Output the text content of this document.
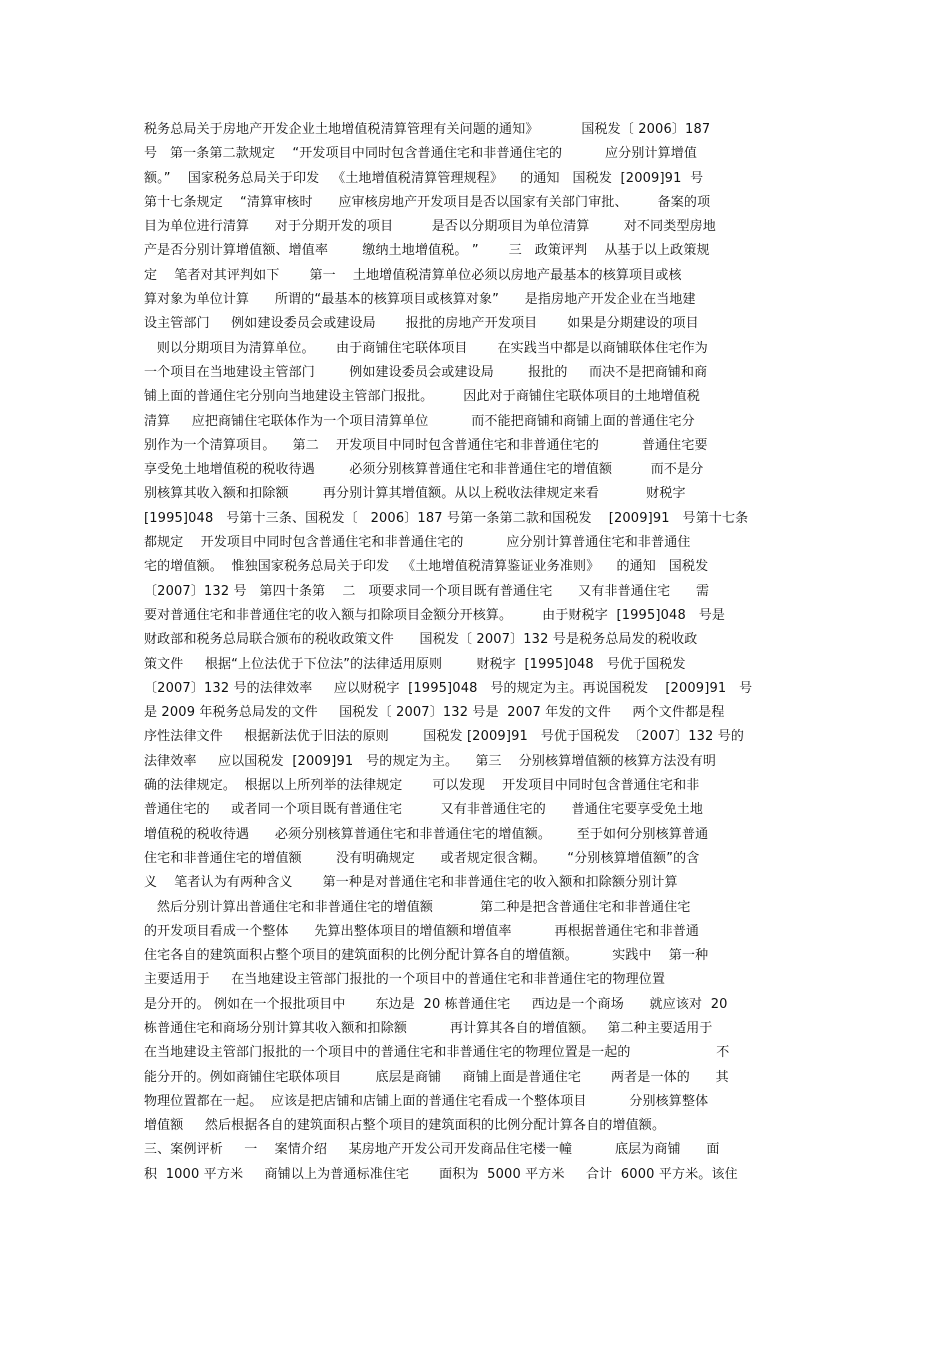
税务总局关于房地产开发企业土地增值税清算管理有关问题的通知》          国税发〔 2006〕187
号   第一条第二款规定    “开发项目中同时包含普通住宅和非普通住宅的          应分别计算增值
额。”    国家税务总局关于印发   《土地增值税清算管理规程》    的通知   国税发  [2009]91  号
第十七条规定    “清算审核时      应审核房地产开发项目是否以国家有关部门审批、       备案的项
目为单位进行清算      对于分期开发的项目         是否以分期项目为单位清算        对不同类型房地
产是否分别计算增值额、增值率        缴纳土地增值税。 ”       三   政策评判    从基于以上政策规
定    笔者对其评判如下       第一    土地增值税清算单位必须以房地产最基本的核算项目或核
算对象为单位计算      所谓的“最基本的核算项目或核算对象”      是指房地产开发企业在当地建
设主管部门     例如建设委员会或建设局       报批的房地产开发项目       如果是分期建设的项目
则以分期项目为清算单位。     由于商铺住宅联体项目       在实践当中都是以商铺联体住宅作为
一个项目在当地建设主管部门        例如建设委员会或建设局        报批的     而决不是把商铺和商
铺上面的普通住宅分别向当地建设主管部门报批。       因此对于商铺住宅联体项目的土地增值税
清算     应把商铺住宅联体作为一个项目清算单位          而不能把商铺和商铺上面的普通住宅分
别作为一个清算项目。    第二    开发项目中同时包含普通住宅和非普通住宅的          普通住宅要
享受免土地增值税的税收待遇        必须分别核算普通住宅和非普通住宅的增值额         而不是分
别核算其收入额和扣除额        再分别计算其增值额。从以上税收法律规定来看           财税字
[1995]048   号第十三条、国税发〔   2006〕187 号第一条第二款和国税发    [2009]91   号第十七条
都规定    开发项目中同时包含普通住宅和非普通住宅的          应分别计算普通住宅和非普通住
宅的增值额。  惟独国家税务总局关于印发   《土地增值税清算鉴证业务准则》    的通知   国税发
〔2007〕132 号   第四十条第    二   项要求同一个项目既有普通住宅      又有非普通住宅      需
要对普通住宅和非普通住宅的收入额与扣除项目金额分开核算。       由于财税字  [1995]048   号是
财政部和税务总局联合颁布的税收政策文件      国税发〔 2007〕132 号是税务总局发的税收政
策文件     根据“上位法优于下位法”的法律适用原则        财税字  [1995]048   号优于国税发
〔2007〕132 号的法律效率     应以财税字  [1995]048   号的规定为主。再说国税发    [2009]91   号
是 2009 年税务总局发的文件     国税发〔 2007〕132 号是  2007 年发的文件     两个文件都是程
序性法律文件     根据新法优于旧法的原则        国税发 [2009]91   号优于国税发  〔2007〕132 号的
法律效率     应以国税发  [2009]91   号的规定为主。    第三    分别核算增值额的核算方法没有明
确的法律规定。  根据以上所列举的法律规定       可以发现    开发项目中同时包含普通住宅和非
普通住宅的     或者同一个项目既有普通住宅         又有非普通住宅的      普通住宅要享受免土地
增值税的税收待遇      必须分别核算普通住宅和非普通住宅的增值额。      至于如何分别核算普通
住宅和非普通住宅的增值额        没有明确规定      或者规定很含糊。     “分别核算增值额”的含
义    笔者认为有两种含义       第一种是对普通住宅和非普通住宅的收入额和扣除额分别计算
然后分别计算出普通住宅和非普通住宅的增值额           第二种是把含普通住宅和非普通住宅
的开发项目看成一个整体      先算出整体项目的增值额和增值率          再根据普通住宅和非普通
住宅各自的建筑面积占整个项目的建筑面积的比例分配计算各自的增值额。        实践中    第一种
主要适用于     在当地建设主管部门报批的一个项目中的普通住宅和非普通住宅的物理位置
是分开的。 例如在一个报批项目中       东边是  20 栋普通住宅     西边是一个商场      就应该对  20
栋普通住宅和商场分别计算其收入额和扣除额          再计算其各自的增值额。   第二种主要适用于
在当地建设主管部门报批的一个项目中的普通住宅和非普通住宅的物理位置是一起的                    不
能分开的。例如商铺住宅联体项目        底层是商铺     商铺上面是普通住宅       两者是一体的      其
物理位置都在一起。  应该是把店铺和店铺上面的普通住宅看成一个整体项目          分别核算整体
增值额     然后根据各自的建筑面积占整个项目的建筑面积的比例分配计算各自的增值额。
三、案例评析     一    案情介绍     某房地产开发公司开发商品住宅楼一幢          底层为商铺      面
积  1000 平方米     商铺以上为普通标准住宅       面积为  5000 平方米     合计  6000 平方米。该住
